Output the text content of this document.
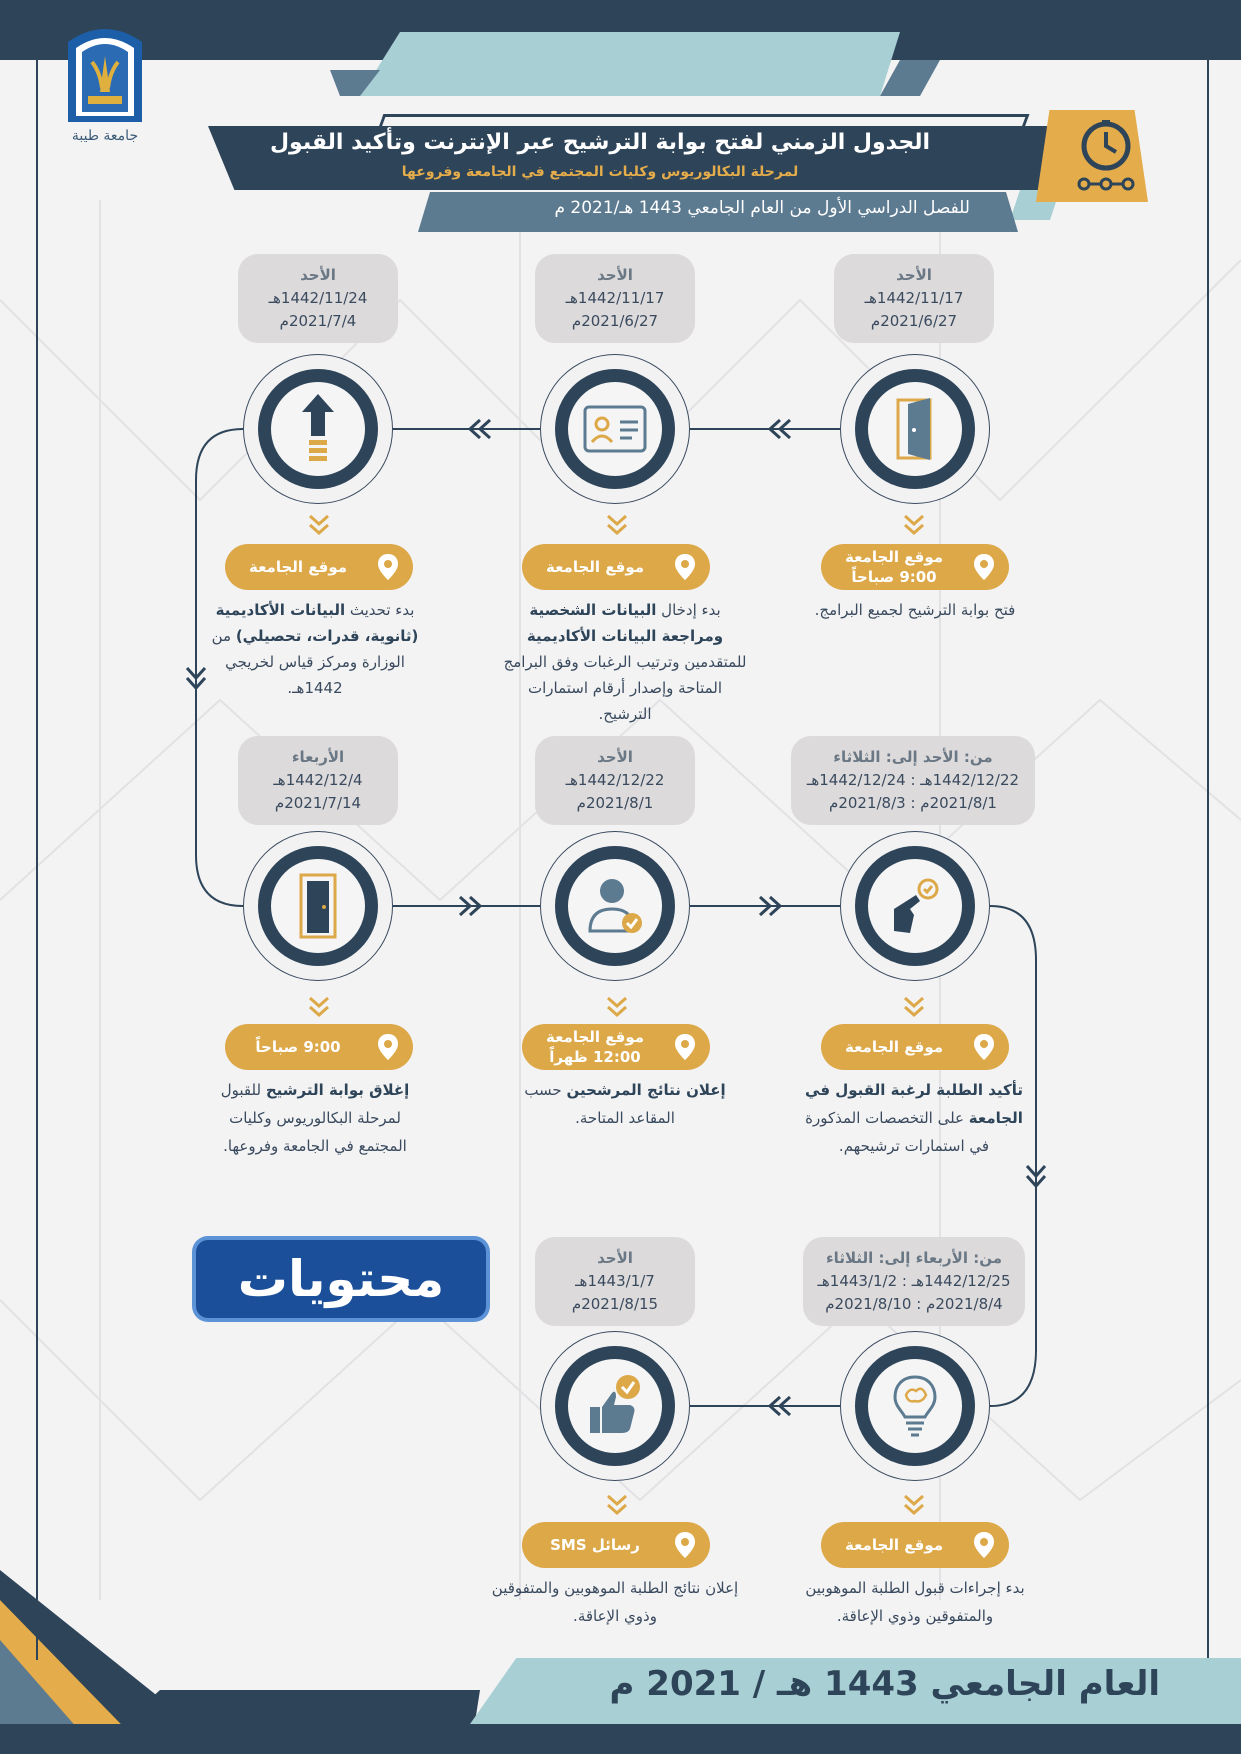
جامعة طيبة	الجدول الزمني لفتح بوابة الترشيح عبر الإنترنت وتأكيد القبول
لمرحلة البكالوريوس وكليات المجتمع في الجامعة وفروعها
للفصل الدراسي الأول من العام الجامعي 1443 هـ/2021 م
الأحد
1442/11/17هـ
2021/6/27م
موقع الجامعة
9:00 صباحاً
فتح بوابة الترشيح لجميع البرامج.
الأحد
1442/11/17هـ
2021/6/27م
موقع الجامعة
بدء إدخال البيانات الشخصية ومراجعة البيانات الأكاديمية للمتقدمين وترتيب الرغبات وفق البرامج المتاحة وإصدار أرقام استمارات الترشيح.
الأحد
1442/11/24هـ
2021/7/4م
موقع الجامعة
بدء تحديث البيانات الأكاديمية (ثانوية، قدرات، تحصيلي) من الوزارة ومركز قياس لخريجي 1442هـ.
من: الأحد إلى: الثلاثاء
1442/12/22هـ : 1442/12/24هـ
2021/8/1م : 2021/8/3م
موقع الجامعة
تأكيد الطلبة لرغبة القبول في الجامعة على التخصصات المذكورة في استمارات ترشيحهم.
الأحد
1442/12/22هـ
2021/8/1م
موقع الجامعة
12:00 ظهراً
إعلان نتائج المرشحين حسب المقاعد المتاحة.
الأربعاء
1442/12/4هـ
2021/7/14م
9:00 صباحاً
إغلاق بوابة الترشيح للقبول لمرحلة البكالوريوس وكليات المجتمع في الجامعة وفروعها.
من: الأربعاء إلى: الثلاثاء
1442/12/25هـ : 1443/1/2هـ
2021/8/4م : 2021/8/10م
موقع الجامعة
بدء إجراءات قبول الطلبة الموهوبين والمتفوقين وذوي الإعاقة.
الأحد
1443/1/7هـ
2021/8/15م
رسائل SMS
إعلان نتائج الطلبة الموهوبين والمتفوقين وذوي الإعاقة.
محتويات
العام الجامعي 1443 هـ / 2021 م
